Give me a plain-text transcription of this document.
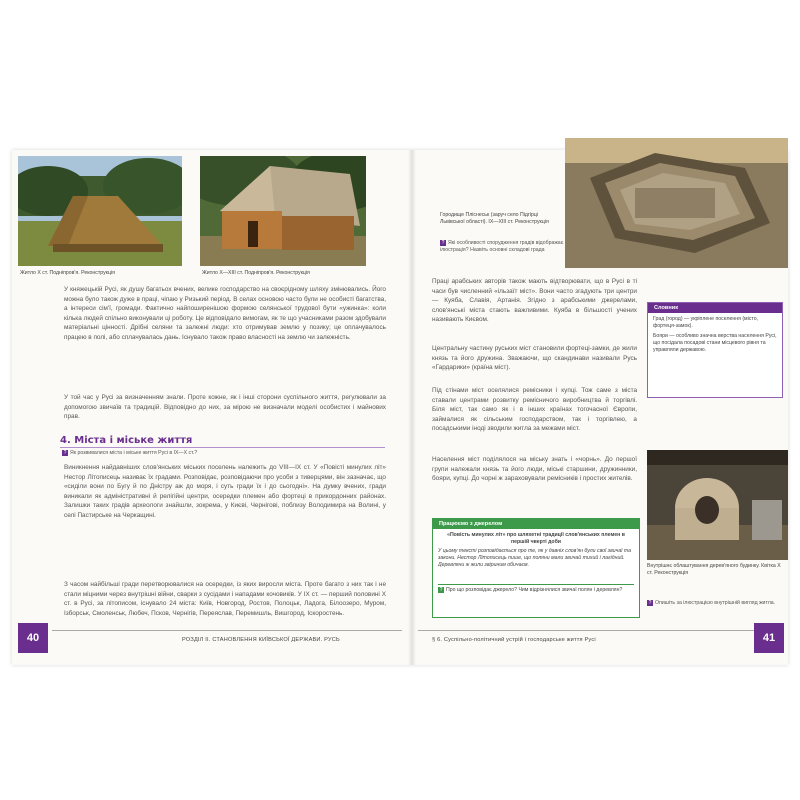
Житло X ст. Подніпров'я. Реконструкція	Житло X—XIII ст. Подніпров'я. Реконструкція
У княжецькій Русі, як душу багатьох вчених, велике господарство на своєрідному шляху змінювались. Його можна було також дуже в праці, чіпаю у Ризький період. В селах основою часто були не особисті багатства, а інтереси сім'ї, громади. Фактично найпоширенішою формою селянської трудової бути «ужинка»: коли кілька людей спільно виконували ці роботу. Це відповідало вимогам, як те що учасниками разом здобували матеріальні цінності. Дрібні селяни та залежні люди: хто отримував землю у позику; це оплачувалось працею в полі, або сплачувалась дань. Існувало також право власності на землю чи залежність.
У той час у Русі за визначенням знали. Проте кожне, як і інші сторони суспільного життя, регулювали за допомогою звичаїв та традицій. Відповідно до них, за мірою не визначали моделі особистих і майнових прав.
4. Міста і міське життя
? Як розвивалися міста і міське життя Русі в IX—X ст.?
Виникнення найдавніших слов'янських міських поселень належить до VIII—IX ст. У «Повісті минулих літ» Нестор Літописець називає їх градами. Розповідає, розповідаючи про усоби з тиверцями, він зазначає, що «сиділи вони по Бугу й по Дністру аж до моря, і суть гради їх і до сьогодні». На думку вчених, гради виникали як адміністративні й релігійні центри, осередки племен або фортеці в прикордонних районах. Залишки таких градів археологи знайшли, зокрема, у Києві, Чернігові, поблизу Володимира на Волині, у селі Пастирське на Черкащині.
З часом найбільші гради перетворювалися на осередки, із яких виросли міста. Проте багато з них так і не стали міцними через внутрішні війни, сварки з сусідами і нападами кочовиків. У IX ст. — перший половині X ст. в Русі, за літописом, існувало 24 міста: Київ, Новгород, Ростов, Полоцьк, Ладога, Білоозеро, Муром, Ізборськ, Смоленськ, Любеч, Псков, Чернігів, Переяслав, Перемишль, Вишгород, Іскоростень.
40	РОЗДІЛ II. СТАНОВЛЕННЯ КИЇВСЬКОЇ ДЕРЖАВИ. РУСЬ
Городище Пліснеськ (заруч село Підгірці Львівської області). IX—XIII ст. Реконструкція
? Які особливості спорудження градів відображає ілюстрація? Назвіть основні складові града
Праці арабських авторів також мають відтворювати, що в Русі в ті часи був численний «ільзаїт міст». Вони часто згадують три центри — Куяба, Славія, Артанія. Згідно з арабськими джерелами, слов'янські міста стають важливими. Куяба в більшості учених називають Києвом.
Центральну частину руських міст становили фортеці-замки, де жили князь та його дружина. Зважаючи, що скандинави називали Русь «Гардарики» (країна міст).
Під стінами міст оселялися ремісники і купці. Тож саме з міста ставали центрами розвитку ремісничого виробництва й торгівлі. Біля міст, так само як і в інших країнах тогочасної Європи, займалися як сільським господарством, так і торгівлею, а посадськими іноді зводили житла за межами міст.
Населення міст поділялося на міську знать і «чорнь». До першої групи належали князь та його люди, міські старшини, дружинники, бояри, купці. До чорні ж зараховували ремісників і простих жителів.
Словник
Град (город) — укріплене поселення (місто, фортеця-замок).
Бояри — особливо значна верства населення Русі, що посідала посадові стани місцевого рівня та управляли державою.
Внутрішнє облаштування дерев'яного будинку. Квітка X ст. Реконструкція
? Опишіть за ілюстрацією внутрішній вигляд житла.
Працюємо з джерелом
«Повість минулих літ» про шляхетні традиції слов'янських племен в першій чверті доби
У цьому тексті розповідається про те, як у давніх слов'ян були свої звичаї та закони. Нестор Літописець пише, що поляни мали звичай тихий і лагідний. Деревляни ж жили звіриним обичаєм.
? Про що розповідає джерело? Чим відрізнялися звичаї полян і деревлян?
§ 6. Суспільно-політичний устрій і господарське життя Русі	41
